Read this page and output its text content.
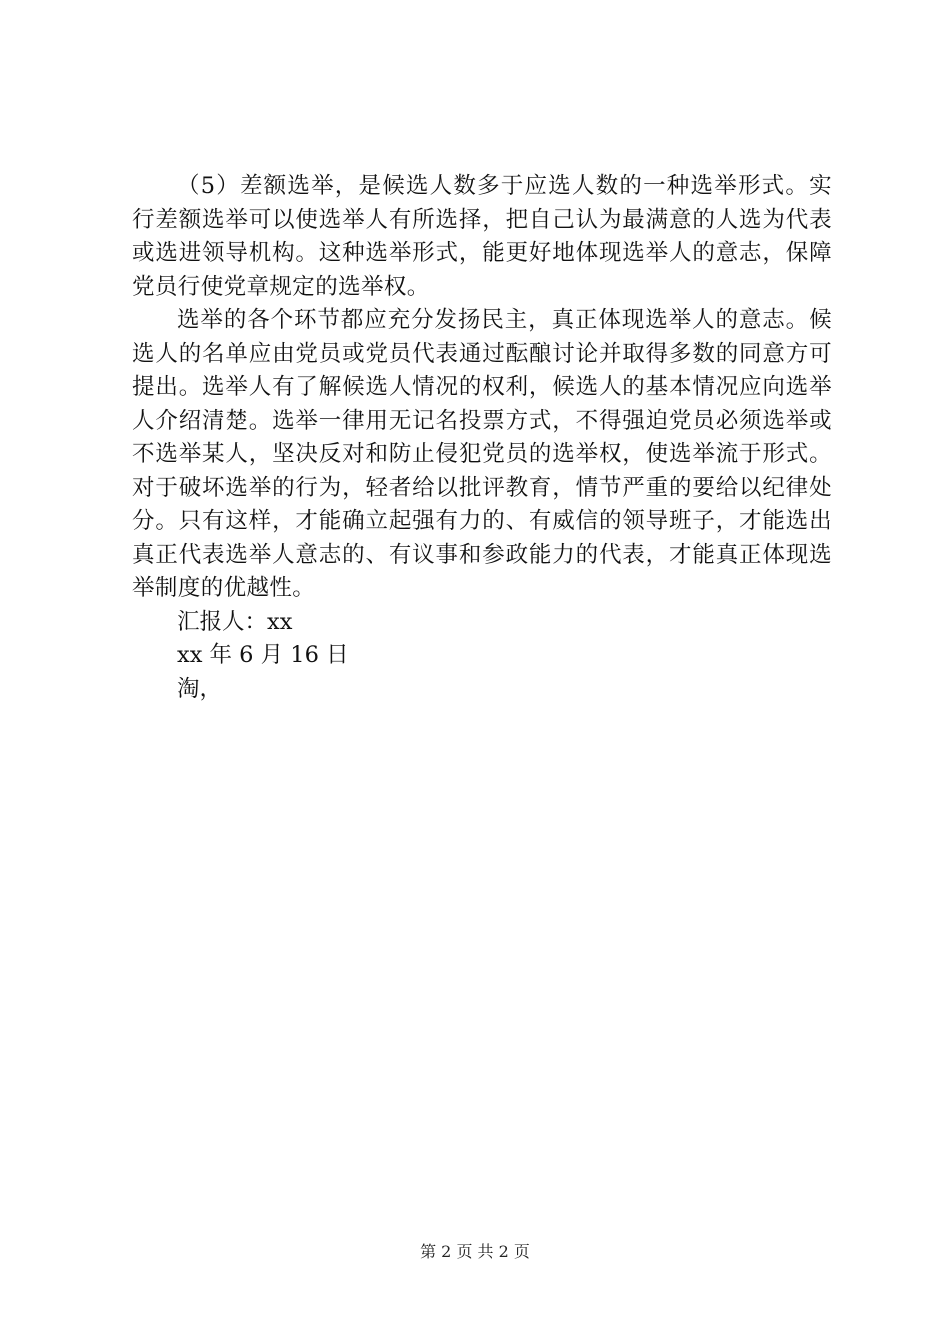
（5）差额选举，是候选人数多于应选人数的一种选举形式。实行差额选举可以使选举人有所选择，把自己认为最满意的人选为代表或选进领导机构。这种选举形式，能更好地体现选举人的意志，保障党员行使党章规定的选举权。

选举的各个环节都应充分发扬民主，真正体现选举人的意志。候选人的名单应由党员或党员代表通过酝酿讨论并取得多数的同意方可提出。选举人有了解候选人情况的权利，候选人的基本情况应向选举人介绍清楚。选举一律用无记名投票方式，不得强迫党员必须选举或不选举某人，坚决反对和防止侵犯党员的选举权，使选举流于形式。对于破坏选举的行为，轻者给以批评教育，情节严重的要给以纪律处分。只有这样，才能确立起强有力的、有威信的领导班子，才能选出真正代表选举人意志的、有议事和参政能力的代表，才能真正体现选举制度的优越性。

汇报人：xx

xx 年 6 月 16 日

淘，

第 2 页 共 2 页
